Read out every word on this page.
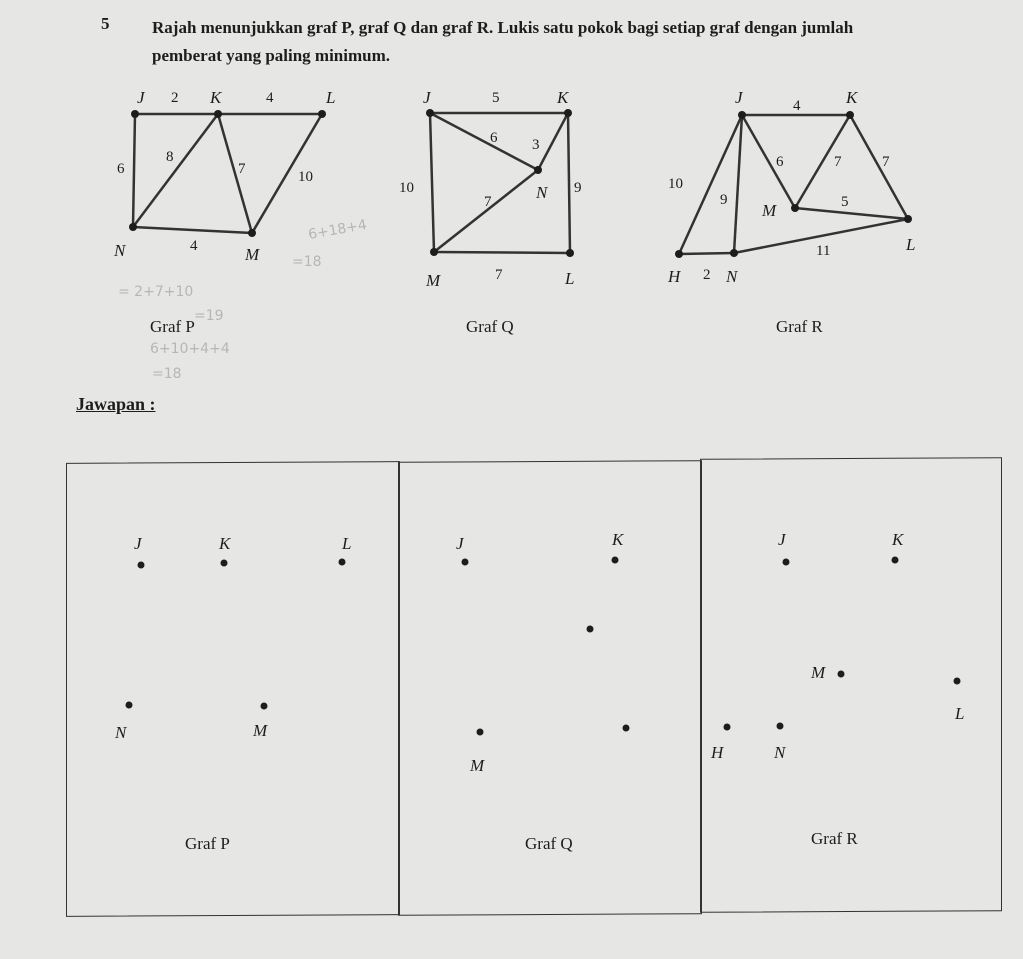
5	Rajah menunjukkan graf P, graf Q dan graf R. Lukis satu pokok bagi setiap graf dengan jumlah pemberat yang paling minimum.
J	K	L
N	M
2	4
6
8
7	10
4
Graf P
J	K
N
M	L
5
6 3
10
7
9
7
Graf Q
J	K
M
L
H	N
4
6	7	7
5
10
9
11
2
Graf R
6+18+4
=18
= 2+7+10
=19
6+10+4+4
=18
Jawapan :
J	K	L
N	M
Graf P
J	K
M
Graf Q
J	K
M
L
H	N
Graf R
